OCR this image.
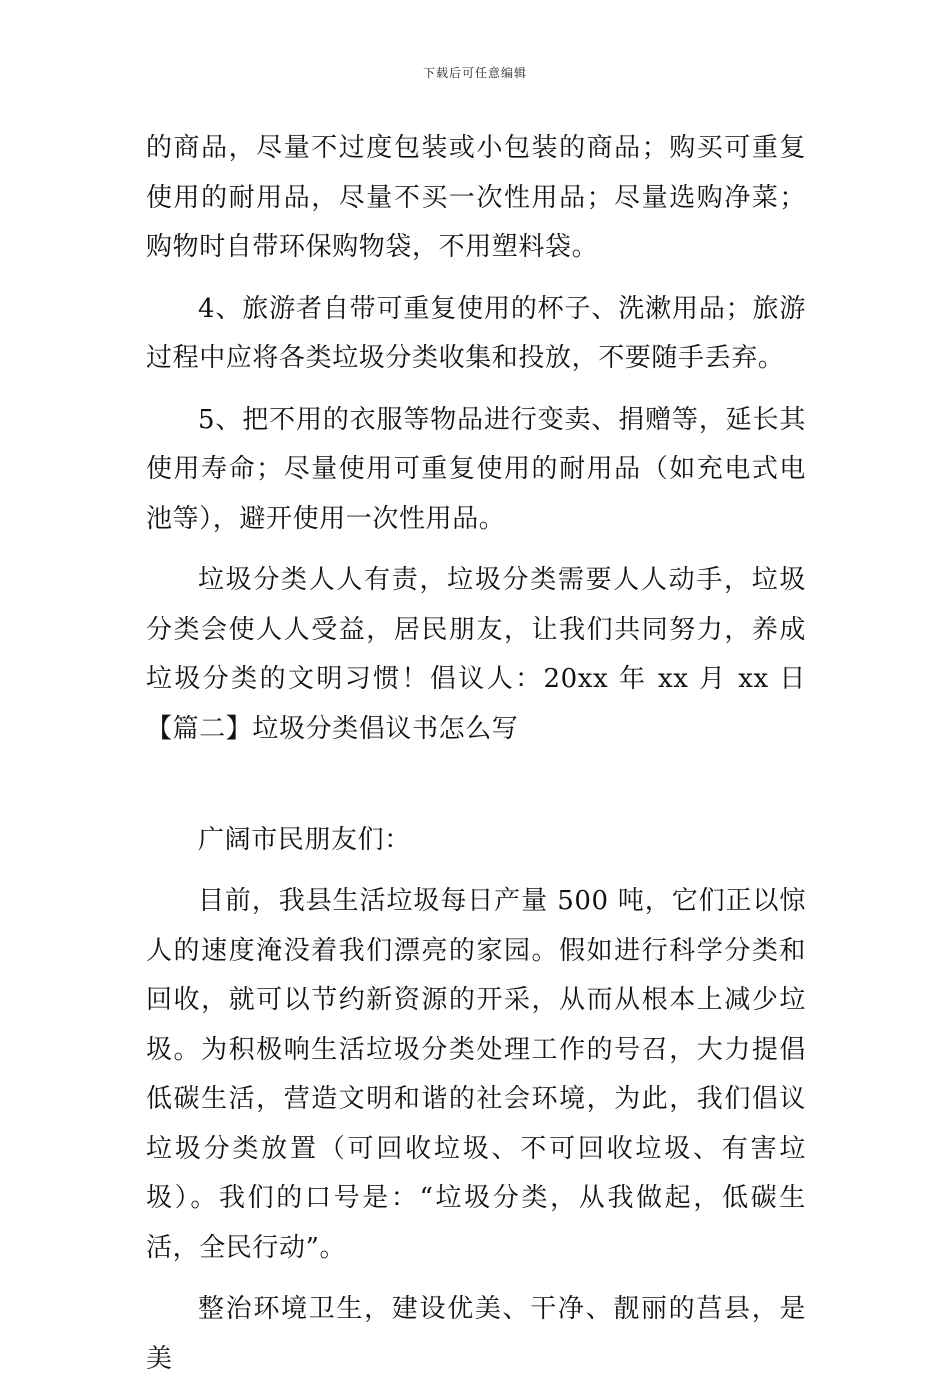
下载后可任意编辑

的商品，尽量不过度包装或小包装的商品；购买可重复使用的耐用品，尽量不买一次性用品；尽量选购净菜；购物时自带环保购物袋，不用塑料袋。

4、旅游者自带可重复使用的杯子、洗漱用品；旅游过程中应将各类垃圾分类收集和投放，不要随手丢弃。

5、把不用的衣服等物品进行变卖、捐赠等，延长其使用寿命；尽量使用可重复使用的耐用品（如充电式电池等），避开使用一次性用品。

垃圾分类人人有责，垃圾分类需要人人动手，垃圾分类会使人人受益，居民朋友，让我们共同努力，养成垃圾分类的文明习惯！倡议人：20xx 年 xx 月 xx 日　　 【篇二】垃圾分类倡议书怎么写

广阔市民朋友们：

目前，我县生活垃圾每日产量 500 吨，它们正以惊人的速度淹没着我们漂亮的家园。假如进行科学分类和回收，就可以节约新资源的开采，从而从根本上减少垃圾。为积极响生活垃圾分类处理工作的号召，大力提倡低碳生活，营造文明和谐的社会环境，为此，我们倡议垃圾分类放置（可回收垃圾、不可回收垃圾、有害垃圾）。我们的口号是：“垃圾分类，从我做起，低碳生活，全民行动”。

整治环境卫生，建设优美、干净、靓丽的莒县，是美
